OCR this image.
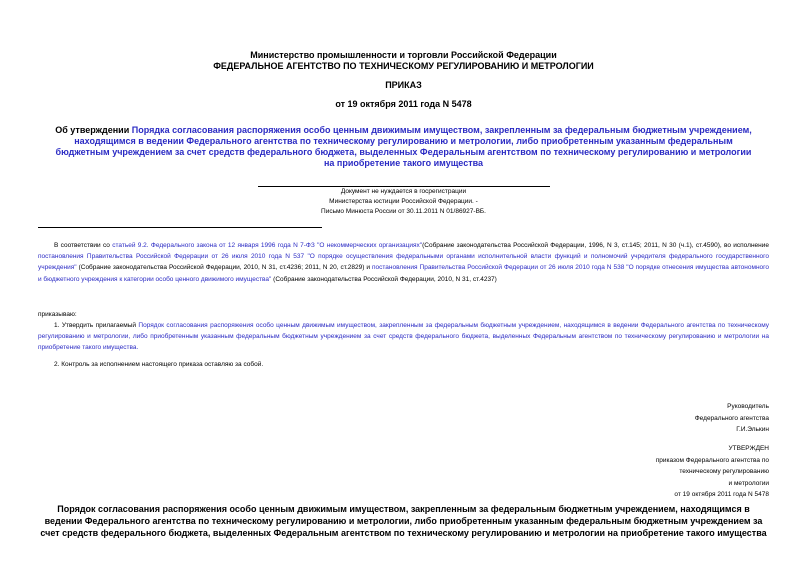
Министерство промышленности и торговли Российской Федерации
ФЕДЕРАЛЬНОЕ АГЕНТСТВО ПО ТЕХНИЧЕСКОМУ РЕГУЛИРОВАНИЮ И МЕТРОЛОГИИ
ПРИКАЗ
от 19 октября 2011 года N 5478
Об утверждении Порядка согласования распоряжения особо ценным движимым имуществом, закрепленным за федеральным бюджетным учреждением, находящимся в ведении Федерального агентства по техническому регулированию и метрологии, либо приобретенным указанным федеральным бюджетным учреждением за счет средств федерального бюджета, выделенных Федеральным агентством по техническому регулированию и метрологии на приобретение такого имущества
Документ не нуждается в госрегистрации
Министерства юстиции Российской Федерации. -
Письмо Минюста России от 30.11.2011 N 01/86927-ВБ.
В соответствии со статьей 9.2. Федерального закона от 12 января 1996 года N 7-ФЗ "О некоммерческих организациях"(Собрание законодательства Российской Федерации, 1996, N 3, ст.145; 2011, N 30 (ч.1), ст.4590), во исполнение постановления Правительства Российской Федерации от 26 июля 2010 года N 537 "О порядке осуществления федеральными органами исполнительной власти функций и полномочий учредителя федерального государственного учреждения" (Собрание законодательства Российской Федерации, 2010, N 31, ст.4236; 2011, N 20, ст.2829) и постановления Правительства Российской Федерации от 26 июля 2010 года N 538 "О порядке отнесения имущества автономного и бюджетного учреждения к категории особо ценного движимого имущества" (Собрание законодательства Российской Федерации, 2010, N 31, ст.4237)
приказываю:
1. Утвердить прилагаемый Порядок согласования распоряжения особо ценным движимым имуществом, закрепленным за федеральным бюджетным учреждением, находящимся в ведении Федерального агентства по техническому регулированию и метрологии, либо приобретенным указанным федеральным бюджетным учреждением за счет средств федерального бюджета, выделенных Федеральным агентством по техническому регулированию и метрологии на приобретение такого имущества.
2. Контроль за исполнением настоящего приказа оставляю за собой.
Руководитель
Федерального агентства
Г.И.Элькин
УТВЕРЖДЕН
приказом Федерального агентства по
техническому регулированию
и метрологии
от 19 октября 2011 года N 5478
Порядок согласования распоряжения особо ценным движимым имуществом, закрепленным за федеральным бюджетным учреждением, находящимся в ведении Федерального агентства по техническому регулированию и метрологии, либо приобретенным указанным федеральным бюджетным учреждением за счет средств федерального бюджета, выделенных Федеральным агентством по техническому регулированию и метрологии на приобретение такого имущества
